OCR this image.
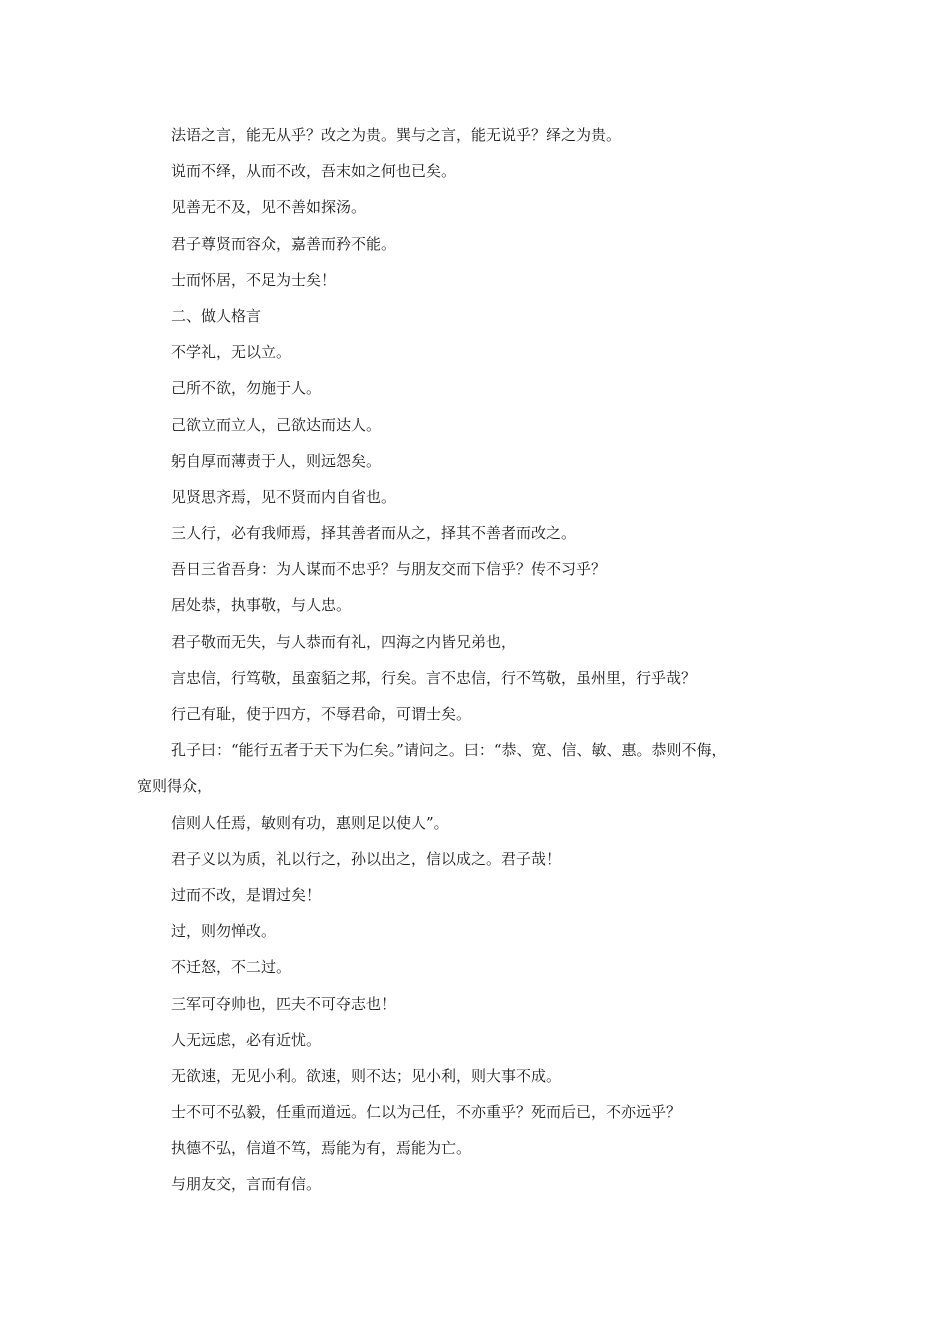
法语之言，能无从乎？改之为贵。巽与之言，能无说乎？绎之为贵。
说而不绎，从而不改，吾末如之何也已矣。
见善无不及，见不善如探汤。
君子尊贤而容众，嘉善而矜不能。
士而怀居，不足为士矣！
二、做人格言
不学礼，无以立。
己所不欲，勿施于人。
己欲立而立人，己欲达而达人。
躬自厚而薄责于人，则远怨矣。
见贤思齐焉，见不贤而内自省也。
三人行，必有我师焉，择其善者而从之，择其不善者而改之。
吾日三省吾身：为人谋而不忠乎？与朋友交而下信乎？传不习乎？
居处恭，执事敬，与人忠。
君子敬而无失，与人恭而有礼，四海之内皆兄弟也，
言忠信，行笃敬，虽蛮貊之邦，行矣。言不忠信，行不笃敬，虽州里，行乎哉？
行己有耻，使于四方，不辱君命，可谓士矣。
孔子曰：“能行五者于天下为仁矣。”请问之。曰：“恭、宽、信、敏、惠。恭则不侮，
宽则得众，
信则人任焉，敏则有功，惠则足以使人”。
君子义以为质，礼以行之，孙以出之，信以成之。君子哉！
过而不改，是谓过矣！
过，则勿惮改。
不迁怒，不二过。
三军可夺帅也，匹夫不可夺志也！
人无远虑，必有近忧。
无欲速，无见小利。欲速，则不达；见小利，则大事不成。
士不可不弘毅，任重而道远。仁以为己任，不亦重乎？死而后已，不亦远乎？
执德不弘，信道不笃，焉能为有，焉能为亡。
与朋友交，言而有信。
